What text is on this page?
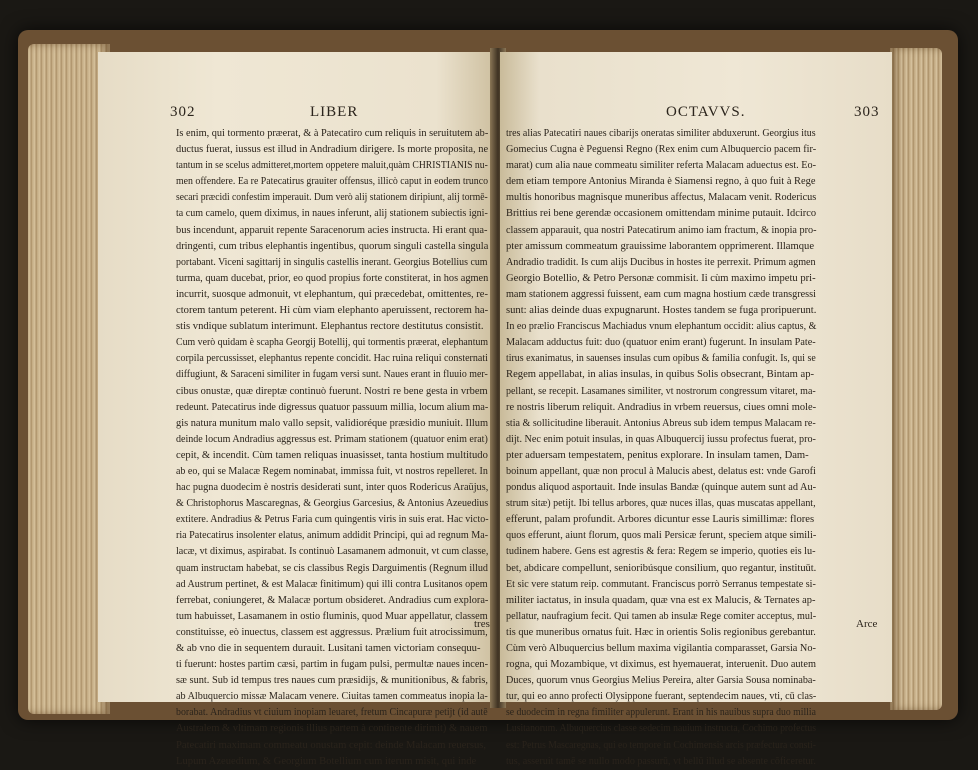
302	LIBER
Is enim, qui tormento præerat, & à Patecatiro cum reliquis in seruitutem ab-
ductus fuerat, iussus est illud in Andradium dirigere. Is morte proposita, ne
tantum in se scelus admitteret,mortem oppetere maluit,quàm CHRISTIANIS nu-
men offendere. Ea re Patecatirus grauiter offensus, illicò caput in eodem trunco
secari præcidi confestim imperauit. Dum verò alij stationem diripiunt, alij tormē-
ta cum camelo, quem diximus, in naues inferunt, alij stationem subiectis igni-
bus incendunt, apparuit repente Saracenorum acies instructa. Hi erant qua-
dringenti, cum tribus elephantis ingentibus, quorum singuli castella singula
portabant. Viceni sagittarij in singulis castellis inerant. Georgius Botellius cum
turma, quam ducebat, prior, eo quod propius forte constiterat, in hos agmen
incurrit, suosque admonuit, vt elephantum, qui præcedebat, omittentes, re-
ctorem tantum peterent. Hi cùm viam elephanto aperuissent, rectorem ha-
stis vndique sublatum interimunt. Elephantus rectore destitutus consistit.
Cum verò quidam è scapha Georgij Botellij, qui tormentis præerat, elephantum
corpila percussisset, elephantus repente concidit. Hac ruina reliqui consternati
diffugiunt, & Saraceni similiter in fugam versi sunt. Naues erant in fluuio mer-
cibus onustæ, quæ direptæ continuò fuerunt. Nostri re bene gesta in vrbem
redeunt. Patecatirus inde digressus quatuor passuum millia, locum alium ma-
gis natura munitum malo vallo sepsit, validioréque præsidio muniuit. Illum
deinde locum Andradius aggressus est. Primam stationem (quatuor enim erat)
cepit, & incendit. Cùm tamen reliquas inuasisset, tanta hostium multitudo
ab eo, qui se Malacæ Regem nominabat, immissa fuit, vt nostros repelleret. In
hac pugna duodecim è nostris desiderati sunt, inter quos Rodericus Araüjus,
& Christophorus Mascaregnas, & Georgius Garcesius, & Antonius Azeuedius
extitere. Andradius & Petrus Faria cum quingentis viris in suis erat. Hac victo-
ria Patecatirus insolenter elatus, animum addidit Principi, qui ad regnum Ma-
lacæ, vt diximus, aspirabat. Is continuò Lasamanem admonuit, vt cum classe,
quam instructam habebat, se cis classibus Regis Darguimentis (Regnum illud
ad Austrum pertinet, & est Malacæ finitimum) qui illi contra Lusitanos opem
ferrebat, coniungeret, & Malacæ portum obsideret. Andradius cum explora-
tum habuisset, Lasamanem in ostio fluminis, quod Muar appellatur, classem
constituisse, eò inuectus, classem est aggressus. Prælium fuit atrocissimum,
& ab vno die in sequentem durauit. Lusitani tamen victoriam consequu-
ti fuerunt: hostes partim cæsi, partim in fugam pulsi, permultæ naues incen-
sæ sunt. Sub id tempus tres naues cum præsidijs, & munitionibus, & fabris,
ab Albuquercio missæ Malacam venere. Ciuitas tamen commeatus inopia la-
borabat. Andradius vt ciuium inopiam leuaret, fretum Cincapuræ petijt (id autē
Australem & vltimam regionis illius partem à continente dirimit) & nauem
Patecatiri maximam commeatu onustam cepit: deinde Malacam reuersus,
Lupum Azeuedium, & Georgium Botellium cum iterum misit, qui inde
tres
OCTAVVS.	303
tres alias Patecatiri naues cibarijs oneratas similiter abduxerunt. Georgius itus
Gomecius Cugna è Peguensi Regno (Rex enim cum Albuquercio pacem fir-
marat) cum alia naue commeatu similiter referta Malacam aduectus est. Eo-
dem etiam tempore Antonius Miranda è Siamensi regno, à quo fuit à Rege
multis honoribus magnisque muneribus affectus, Malacam venit. Rodericus
Brittius rei bene gerendæ occasionem omittendam minime putauit. Idcirco
classem apparauit, qua nostri Patecatirum animo iam fractum, & inopia pro-
pter amissum commeatum grauissime laborantem opprimerent. Illamque
Andradio tradidit. Is cum alijs Ducibus in hostes ite perrexit. Primum agmen
Georgio Botellio, & Petro Personæ commisit. Ii cùm maximo impetu pri-
mam stationem aggressi fuissent, eam cum magna hostium cæde transgressi
sunt: alias deinde duas expugnarunt. Hostes tandem se fuga proripuerunt.
In eo prælio Franciscus Machiadus vnum elephantum occidit: alius captus, &
Malacam adductus fuit: duo (quatuor enim erant) fugerunt. In insulam Pate-
tirus exanimatus, in sauenses insulas cum opibus & familia confugit. Is, qui se
Regem appellabat, in alias insulas, in quibus Solis obsecrant, Bintam ap-
pellant, se recepit. Lasamanes similiter, vt nostrorum congressum vitaret, ma-
re nostris liberum reliquit. Andradius in vrbem reuersus, ciues omni mole-
stia & sollicitudine liberauit. Antonius Abreus sub idem tempus Malacam re-
dijt. Nec enim potuit insulas, in quas Albuquercij iussu profectus fuerat, pro-
pter aduersam tempestatem, penitus explorare. In insulam tamen, Dam-
boinum appellant, quæ non procul à Malucis abest, delatus est: vnde Garofi
pondus aliquod asportauit. Inde insulas Bandæ (quinque autem sunt ad Au-
strum sitæ) petijt. Ibi tellus arbores, quæ nuces illas, quas muscatas appellant,
efferunt, palam profundit. Arbores dicuntur esse Lauris simillimæ: flores
quos efferunt, aiunt florum, quos mali Persicæ ferunt, speciem atque simili-
tudinem habere. Gens est agrestis & fera: Regem se imperio, quoties eis lu-
bet, abdicare compellunt, senioribúsque consilium, quo regantur, instituūt.
Et sic vere statum reip. commutant. Franciscus porrò Serranus tempestate si-
militer iactatus, in insula quadam, quæ vna est ex Malucis, & Ternates ap-
pellatur, naufragium fecit. Qui tamen ab insulæ Rege comiter acceptus, mul-
tis que muneribus ornatus fuit. Hæc in orientis Solis regionibus gerebantur.
Cùm verò Albuquercius bellum maxima vigilantia comparasset, Garsia No-
rogna, qui Mozambique, vt diximus, est hyemauerat, interuenit. Duo autem
Duces, quorum vnus Georgius Melius Pereira, alter Garsia Sousa nominaba-
tur, qui eo anno profecti Olysippone fuerant, septendecim naues, vti, cū clas-
se duodecim in regna fimiliter appulerunt. Erant in his nauibus supra duo millia
Lusitanorum. Albuquercius classe sedecim nauium instructa, Cochimo profectus
est: Petrus Mascaregnas, qui eo tempore in Cochimensis arcis præfectura consti-
tus, asseruit tamē se nullo modo passurū, vt bellū illud se absente cōficeretur.
Arce
